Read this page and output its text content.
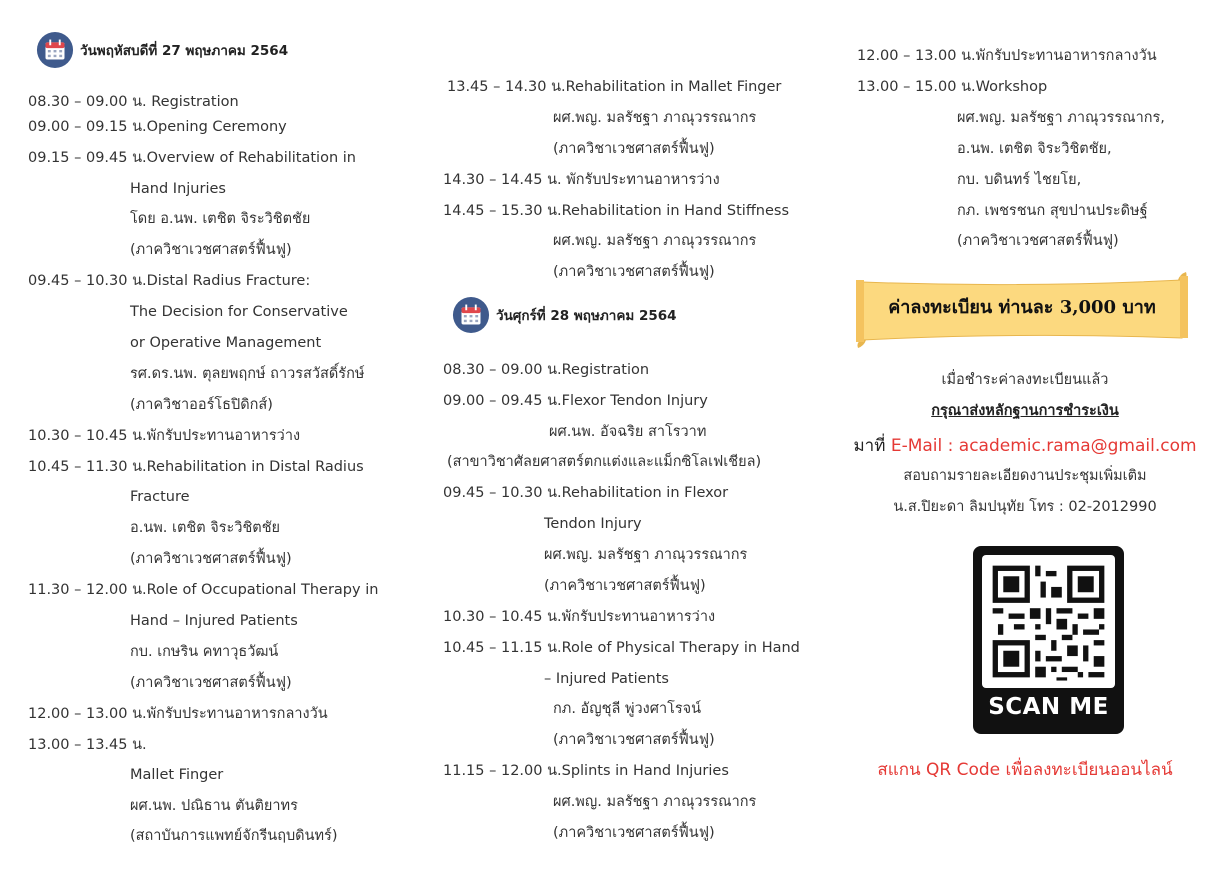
วันพฤหัสบดีที่ 27 พฤษภาคม 2564
08.30 – 09.00 น. Registration
09.00 – 09.15 น.Opening Ceremony
09.15 – 09.45 น.Overview of Rehabilitation in
Hand Injuries
โดย อ.นพ. เตชิต จิระวิชิตชัย
(ภาควิชาเวชศาสตร์ฟื้นฟู)
09.45 – 10.30 น.Distal Radius Fracture:
The Decision for Conservative
or Operative Management
รศ.ดร.นพ. ตุลยพฤกษ์ ถาวรสวัสดิ์รักษ์
(ภาควิชาออร์โธปิดิกส์)
10.30 – 10.45 น.พักรับประทานอาหารว่าง
10.45 – 11.30 น.Rehabilitation in Distal Radius
Fracture
อ.นพ. เตชิต จิระวิชิตชัย
(ภาควิชาเวชศาสตร์ฟื้นฟู)
11.30 – 12.00 น.Role of Occupational Therapy in
Hand – Injured Patients
กบ. เกษริน คทาวุธวัฒน์
(ภาควิชาเวชศาสตร์ฟื้นฟู)
12.00 – 13.00 น.พักรับประทานอาหารกลางวัน
13.00 – 13.45 น.
Mallet Finger
ผศ.นพ. ปณิธาน ตันติยาทร
(สถาบันการแพทย์จักรีนฤบดินทร์)
13.45 – 14.30 น.Rehabilitation in Mallet Finger
ผศ.พญ. มลรัชฐา ภาณุวรรณากร
(ภาควิชาเวชศาสตร์ฟื้นฟู)
14.30 – 14.45 น. พักรับประทานอาหารว่าง
14.45 – 15.30 น.Rehabilitation in Hand Stiffness
ผศ.พญ. มลรัชฐา ภาณุวรรณากร
(ภาควิชาเวชศาสตร์ฟื้นฟู)
วันศุกร์ที่ 28 พฤษภาคม 2564
08.30 – 09.00 น.Registration
09.00 – 09.45 น.Flexor Tendon Injury
ผศ.นพ. อัจฉริย สาโรวาท
(สาขาวิชาศัลยศาสตร์ตกแต่งและแม็กซิโลเฟเชียล)
09.45 – 10.30 น.Rehabilitation in Flexor
Tendon Injury
ผศ.พญ. มลรัชฐา ภาณุวรรณากร
(ภาควิชาเวชศาสตร์ฟื้นฟู)
10.30 – 10.45 น.พักรับประทานอาหารว่าง
10.45 – 11.15 น.Role of Physical Therapy in Hand
– Injured Patients
กภ. อัญชุลี พู่วงศาโรจน์
(ภาควิชาเวชศาสตร์ฟื้นฟู)
11.15 – 12.00 น.Splints in Hand Injuries
ผศ.พญ. มลรัชฐา ภาณุวรรณากร
(ภาควิชาเวชศาสตร์ฟื้นฟู)
12.00 – 13.00 น.พักรับประทานอาหารกลางวัน
13.00 – 15.00 น.Workshop
ผศ.พญ. มลรัชฐา ภาณุวรรณากร,
อ.นพ. เตชิต จิระวิชิตชัย,
กบ. บดินทร์ ไชยโย,
กภ. เพชรชนก สุขปานประดิษฐ์
(ภาควิชาเวชศาสตร์ฟื้นฟู)
ค่าลงทะเบียน ท่านละ 3,000 บาท
เมื่อชำระค่าลงทะเบียนแล้ว
กรุณาส่งหลักฐานการชำระเงิน
มาที่ E-Mail : academic.rama@gmail.com
สอบถามรายละเอียดงานประชุมเพิ่มเติม
น.ส.ปิยะดา ลิมปนุทัย โทร : 02-2012990
SCAN ME
สแกน QR Code เพื่อลงทะเบียนออนไลน์
